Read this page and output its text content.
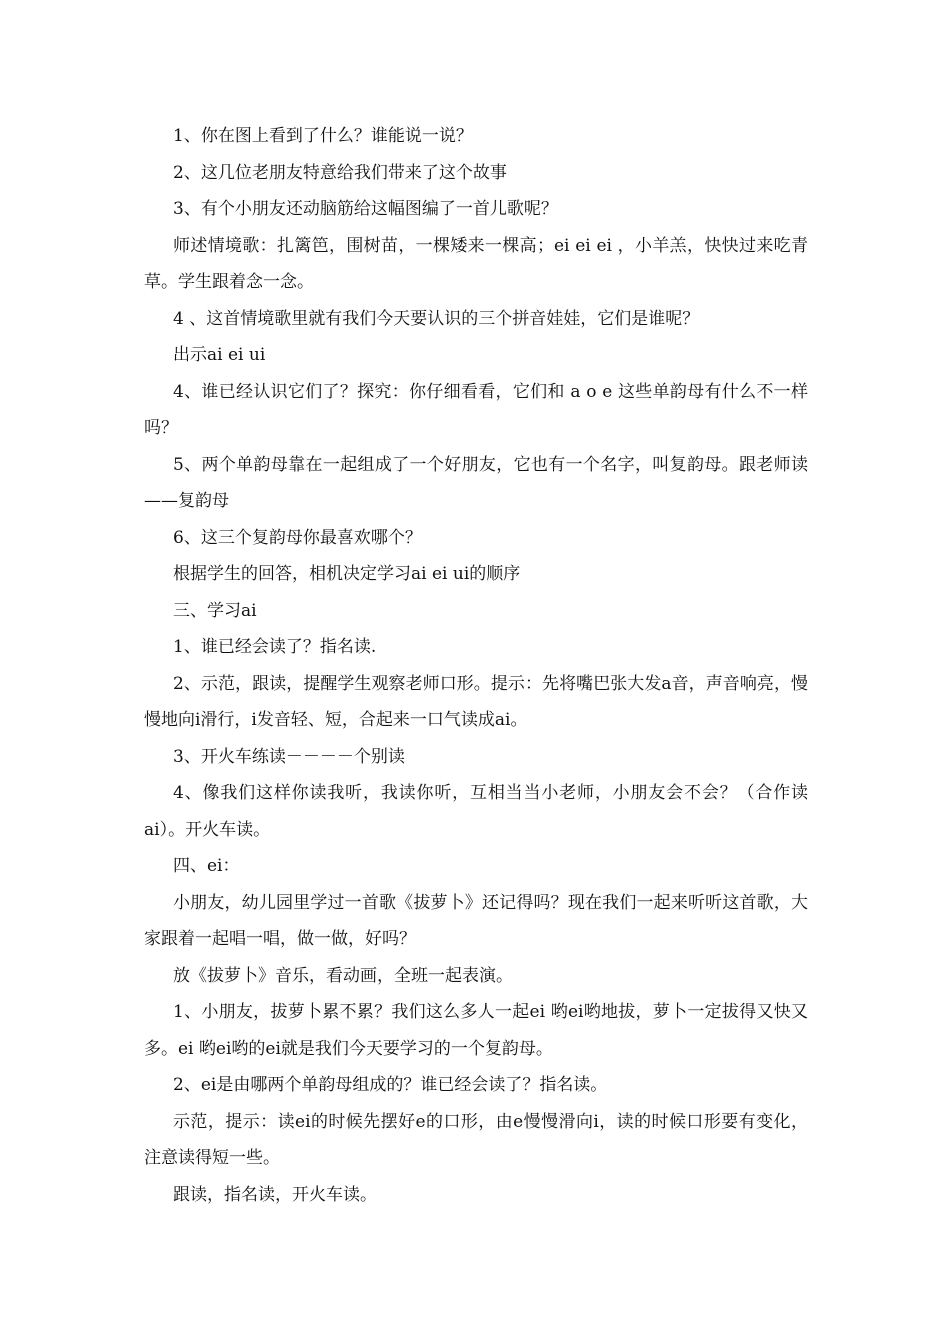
1、你在图上看到了什么？谁能说一说？

2、这几位老朋友特意给我们带来了这个故事

3、有个小朋友还动脑筋给这幅图编了一首儿歌呢？

师述情境歌：扎篱笆，围树苗，一棵矮来一棵高；ei ei ei ，小羊羔，快快过来吃青草。学生跟着念一念。

4 、这首情境歌里就有我们今天要认识的三个拼音娃娃，它们是谁呢？

出示ai ei ui

4、谁已经认识它们了？探究：你仔细看看，它们和 a o e 这些单韵母有什么不一样吗？

5、两个单韵母靠在一起组成了一个好朋友，它也有一个名字，叫复韵母。跟老师读——复韵母

6、这三个复韵母你最喜欢哪个？

根据学生的回答，相机决定学习ai ei ui的顺序

三、学习ai

1、谁已经会读了？指名读.

2、示范，跟读，提醒学生观察老师口形。提示：先将嘴巴张大发a音，声音响亮，慢慢地向i滑行，i发音轻、短，合起来一口气读成ai。

3、开火车练读－－－－个别读

4、像我们这样你读我听，我读你听，互相当当小老师，小朋友会不会？（合作读ai）。开火车读。

四、ei：

小朋友，幼儿园里学过一首歌《拔萝卜》还记得吗？现在我们一起来听听这首歌，大家跟着一起唱一唱，做一做，好吗？

放《拔萝卜》音乐，看动画，全班一起表演。

1、小朋友，拔萝卜累不累？我们这么多人一起ei 哟ei哟地拔，萝卜一定拔得又快又多。ei 哟ei哟的ei就是我们今天要学习的一个复韵母。

2、ei是由哪两个单韵母组成的？谁已经会读了？指名读。

示范，提示：读ei的时候先摆好e的口形，由e慢慢滑向i，读的时候口形要有变化，注意读得短一些。

跟读，指名读，开火车读。
